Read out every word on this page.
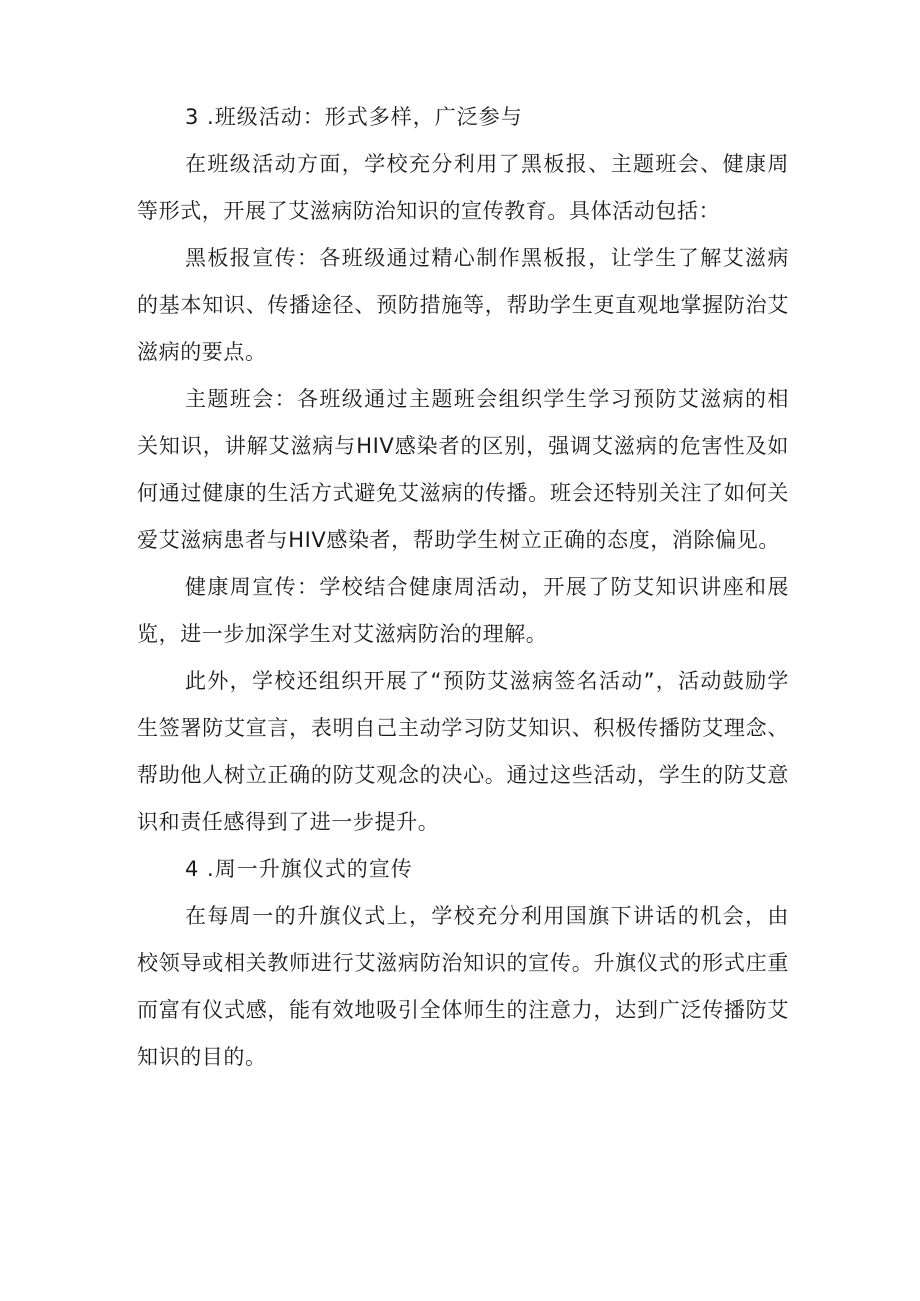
3 .班级活动：形式多样，广泛参与

在班级活动方面，学校充分利用了黑板报、主题班会、健康周等形式，开展了艾滋病防治知识的宣传教育。具体活动包括：

黑板报宣传：各班级通过精心制作黑板报，让学生了解艾滋病的基本知识、传播途径、预防措施等，帮助学生更直观地掌握防治艾滋病的要点。

主题班会：各班级通过主题班会组织学生学习预防艾滋病的相关知识，讲解艾滋病与HIV感染者的区别，强调艾滋病的危害性及如何通过健康的生活方式避免艾滋病的传播。班会还特别关注了如何关爱艾滋病患者与HIV感染者，帮助学生树立正确的态度，消除偏见。

健康周宣传：学校结合健康周活动，开展了防艾知识讲座和展览，进一步加深学生对艾滋病防治的理解。

此外，学校还组织开展了“预防艾滋病签名活动”，活动鼓励学生签署防艾宣言，表明自己主动学习防艾知识、积极传播防艾理念、帮助他人树立正确的防艾观念的决心。通过这些活动，学生的防艾意识和责任感得到了进一步提升。

4 .周一升旗仪式的宣传

在每周一的升旗仪式上，学校充分利用国旗下讲话的机会，由校领导或相关教师进行艾滋病防治知识的宣传。升旗仪式的形式庄重而富有仪式感，能有效地吸引全体师生的注意力，达到广泛传播防艾知识的目的。
